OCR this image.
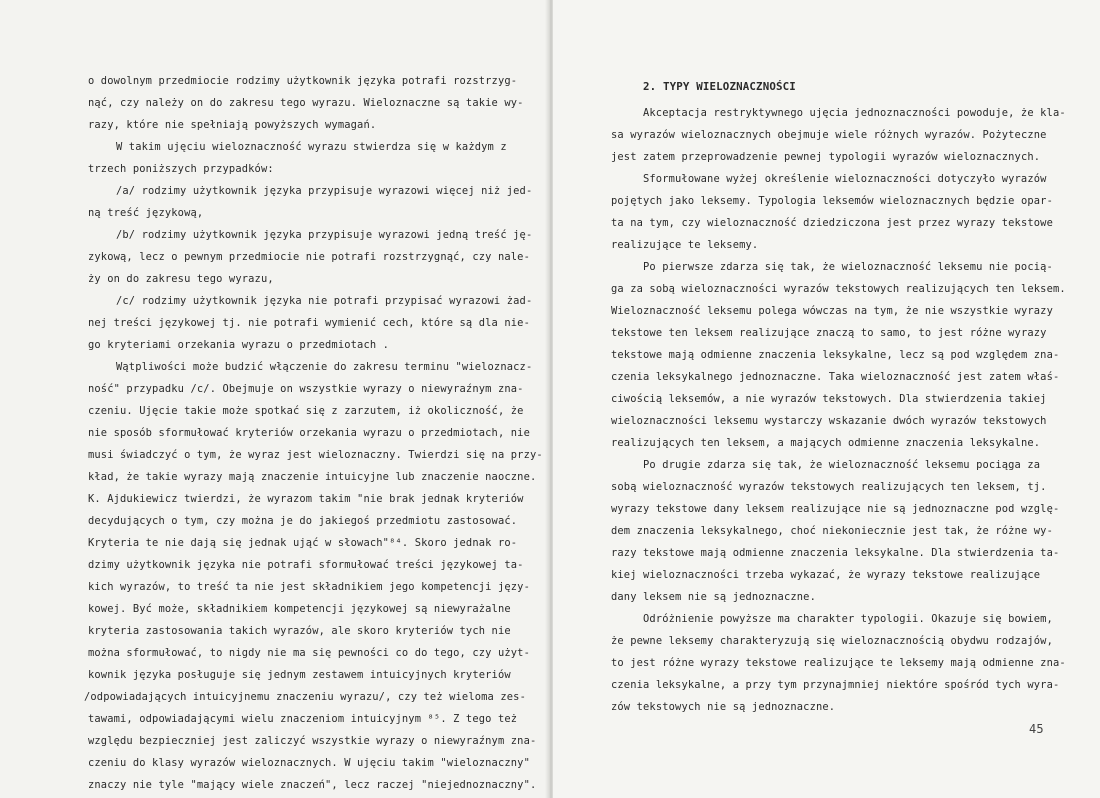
o dowolnym przedmiocie rodzimy użytkownik języka potrafi rozstrzyg-
nąć, czy należy on do zakresu tego wyrazu. Wieloznaczne są takie wy-
razy, które nie spełniają powyższych wymagań.
W takim ujęciu wieloznaczność wyrazu stwierdza się w każdym z
trzech poniższych przypadków:
/a/ rodzimy użytkownik języka przypisuje wyrazowi więcej niż jed-
ną treść językową,
/b/ rodzimy użytkownik języka przypisuje wyrazowi jedną treść ję-
zykową, lecz o pewnym przedmiocie nie potrafi rozstrzygnąć, czy nale-
ży on do zakresu tego wyrazu,
/c/ rodzimy użytkownik języka nie potrafi przypisać wyrazowi żad-
nej treści językowej tj. nie potrafi wymienić cech, które są dla nie-
go kryteriami orzekania wyrazu o przedmiotach .
Wątpliwości może budzić włączenie do zakresu terminu "wieloznacz-
ność" przypadku /c/. Obejmuje on wszystkie wyrazy o niewyraźnym zna-
czeniu. Ujęcie takie może spotkać się z zarzutem, iż okoliczność, że
nie sposób sformułować kryteriów orzekania wyrazu o przedmiotach, nie
musi świadczyć o tym, że wyraz jest wieloznaczny. Twierdzi się na przy-
kład, że takie wyrazy mają znaczenie intuicyjne lub znaczenie naoczne.
K. Ajdukiewicz twierdzi, że wyrazom takim "nie brak jednak kryteriów
decydujących o tym, czy można je do jakiegoś przedmiotu zastosować.
Kryteria te nie dają się jednak ująć w słowach"⁸⁴. Skoro jednak ro-
dzimy użytkownik języka nie potrafi sformułować treści językowej ta-
kich wyrazów, to treść ta nie jest składnikiem jego kompetencji języ-
kowej. Być może, składnikiem kompetencji językowej są niewyrażalne
kryteria zastosowania takich wyrazów, ale skoro kryteriów tych nie
można sformułować, to nigdy nie ma się pewności co do tego, czy użyt-
kownik języka posługuje się jednym zestawem intuicyjnych kryteriów
/odpowiadających intuicyjnemu znaczeniu wyrazu/, czy też wieloma zes-
tawami, odpowiadającymi wielu znaczeniom intuicyjnym ⁸⁵. Z tego też
względu bezpieczniej jest zaliczyć wszystkie wyrazy o niewyraźnym zna-
czeniu do klasy wyrazów wieloznacznych. W ujęciu takim "wieloznaczny"
znaczy nie tyle "mający wiele znaczeń", lecz raczej "niejednoznaczny".
2. TYPY WIELOZNACZNOŚCI
Akceptacja restryktywnego ujęcia jednoznaczności powoduje, że kla-
sa wyrazów wieloznacznych obejmuje wiele różnych wyrazów. Pożyteczne
jest zatem przeprowadzenie pewnej typologii wyrazów wieloznacznych.
Sformułowane wyżej określenie wieloznaczności dotyczyło wyrazów
pojętych jako leksemy. Typologia leksemów wieloznacznych będzie opar-
ta na tym, czy wieloznaczność dziedziczona jest przez wyrazy tekstowe
realizujące te leksemy.
Po pierwsze zdarza się tak, że wieloznaczność leksemu nie pocią-
ga za sobą wieloznaczności wyrazów tekstowych realizujących ten leksem.
Wieloznaczność leksemu polega wówczas na tym, że nie wszystkie wyrazy
tekstowe ten leksem realizujące znaczą to samo, to jest różne wyrazy
tekstowe mają odmienne znaczenia leksykalne, lecz są pod względem zna-
czenia leksykalnego jednoznaczne. Taka wieloznaczność jest zatem właś-
ciwością leksemów, a nie wyrazów tekstowych. Dla stwierdzenia takiej
wieloznaczności leksemu wystarczy wskazanie dwóch wyrazów tekstowych
realizujących ten leksem, a mających odmienne znaczenia leksykalne.
Po drugie zdarza się tak, że wieloznaczność leksemu pociąga za
sobą wieloznaczność wyrazów tekstowych realizujących ten leksem, tj.
wyrazy tekstowe dany leksem realizujące nie są jednoznaczne pod wzglę-
dem znaczenia leksykalnego, choć niekoniecznie jest tak, że różne wy-
razy tekstowe mają odmienne znaczenia leksykalne. Dla stwierdzenia ta-
kiej wieloznaczności trzeba wykazać, że wyrazy tekstowe realizujące
dany leksem nie są jednoznaczne.
Odróżnienie powyższe ma charakter typologii. Okazuje się bowiem,
że pewne leksemy charakteryzują się wieloznacznością obydwu rodzajów,
to jest różne wyrazy tekstowe realizujące te leksemy mają odmienne zna-
czenia leksykalne, a przy tym przynajmniej niektóre spośród tych wyra-
zów tekstowych nie są jednoznaczne.
45
